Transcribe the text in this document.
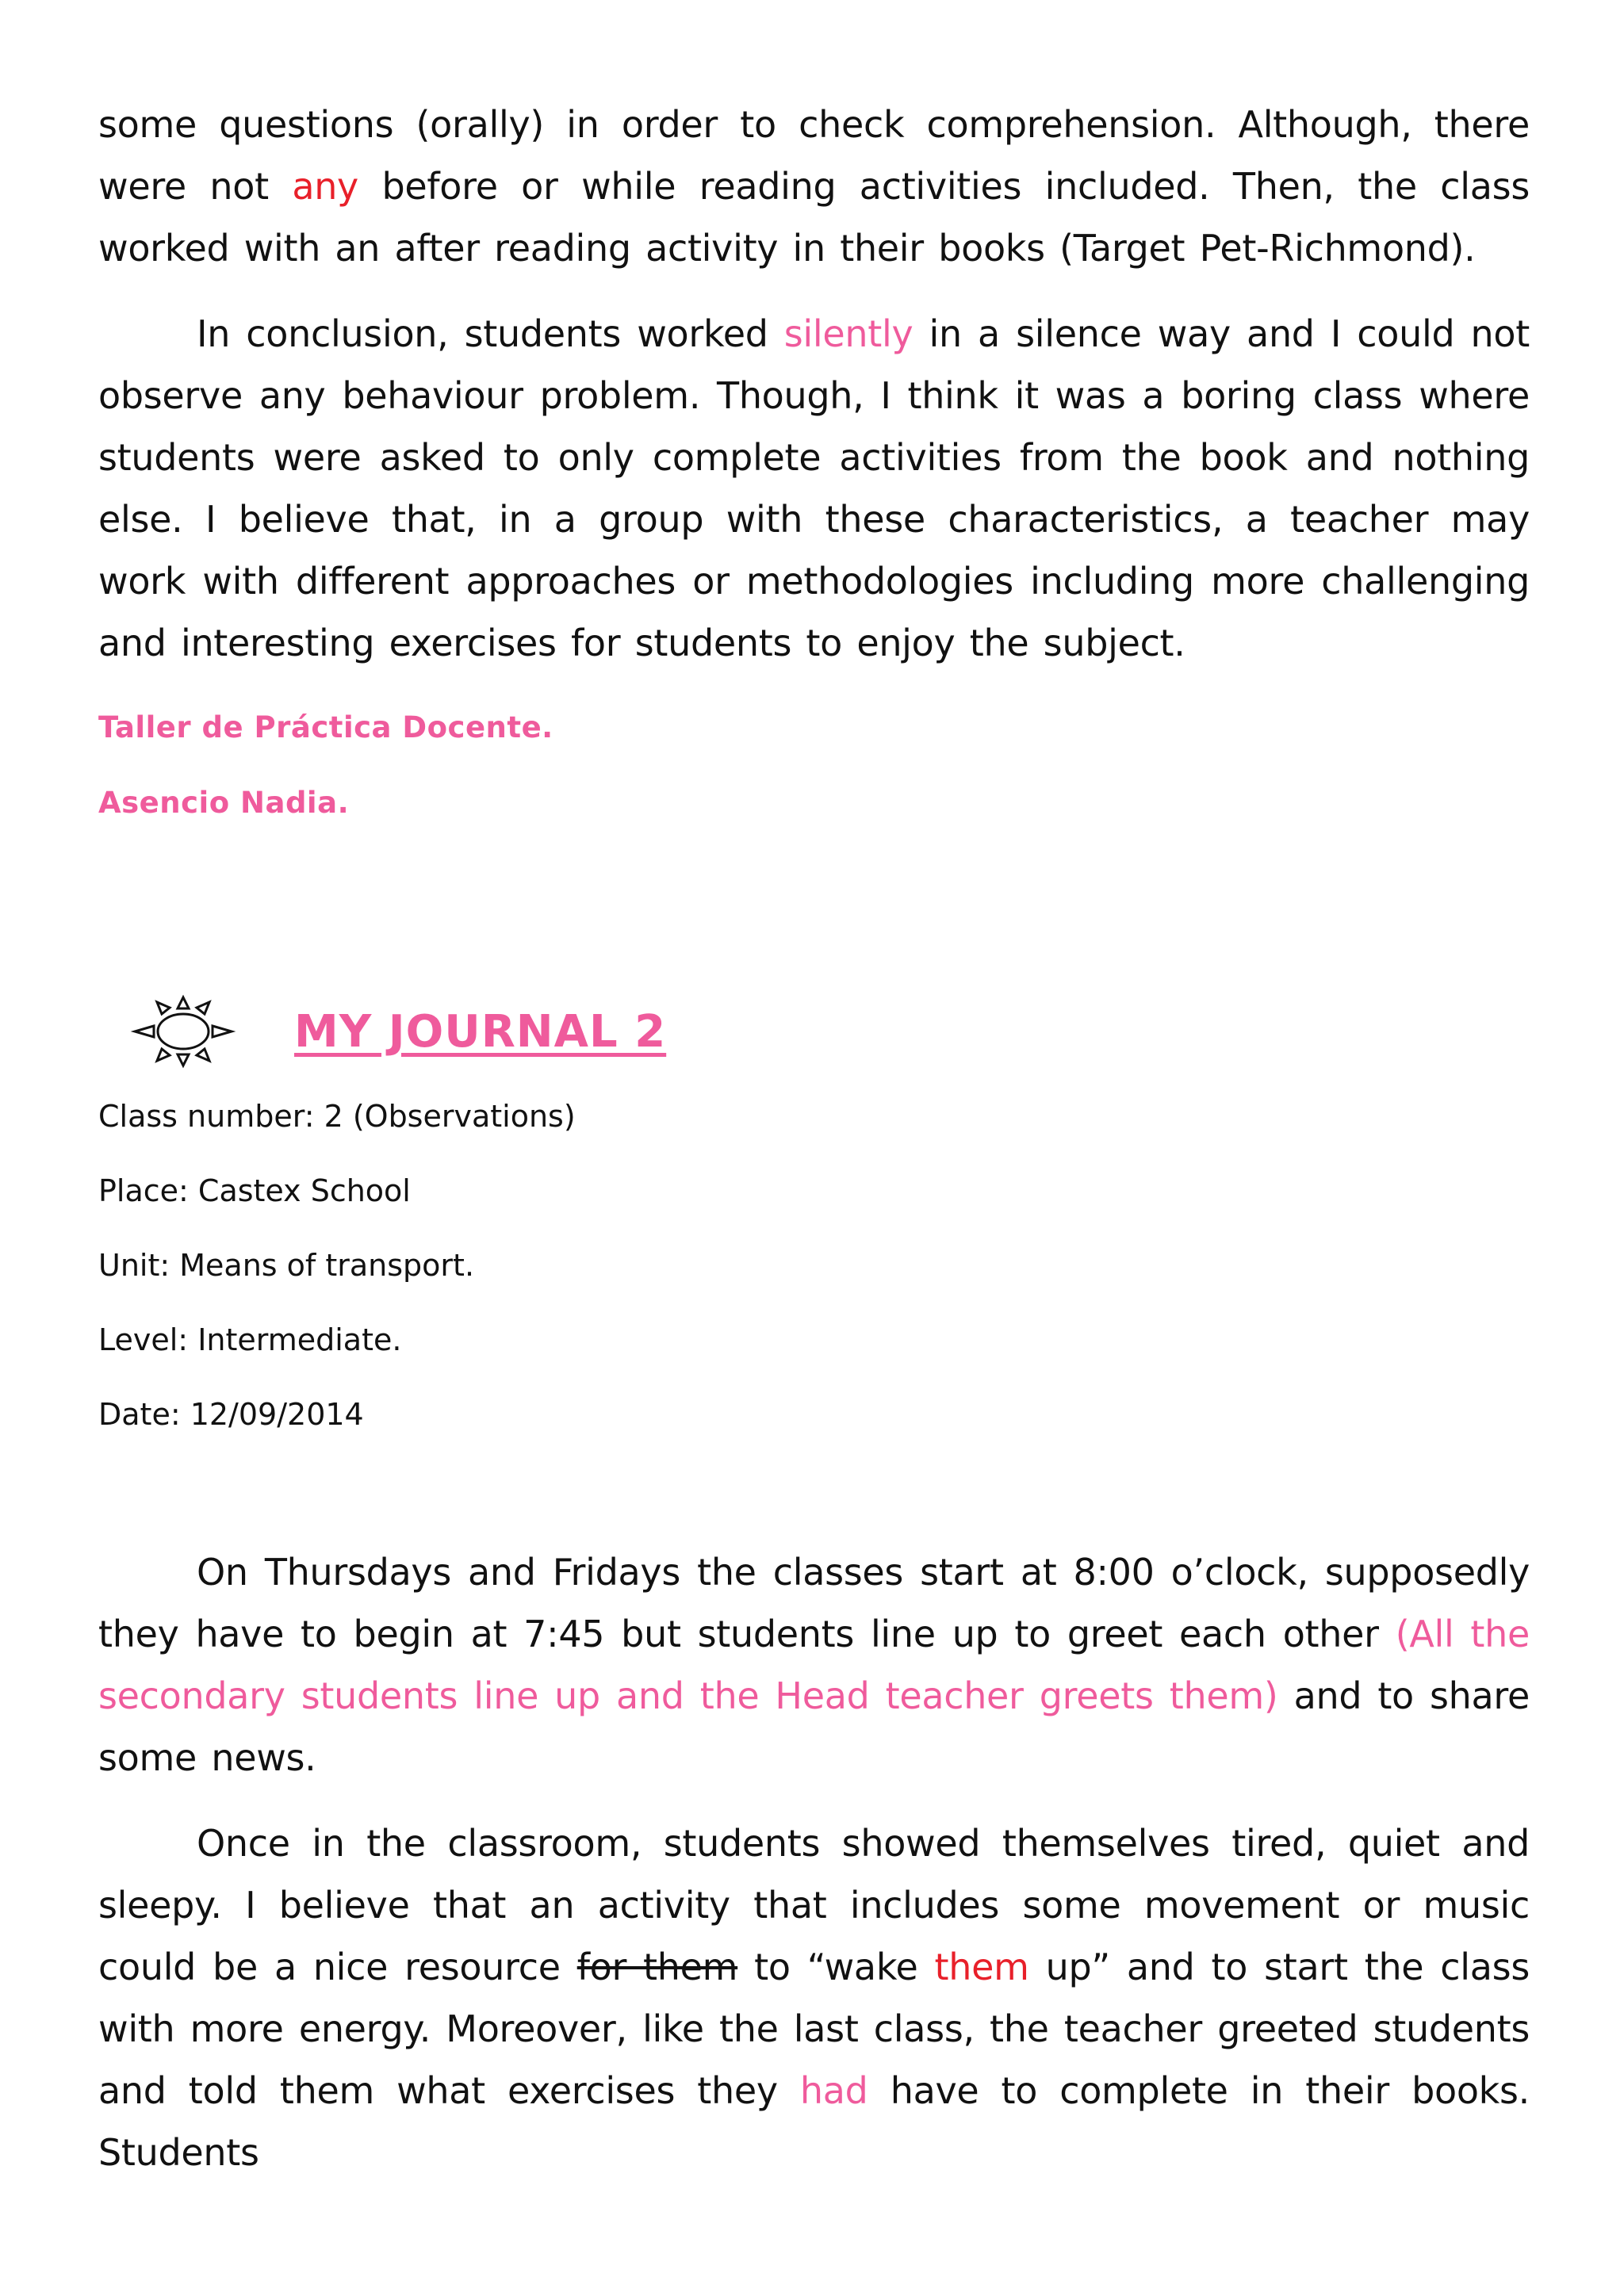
some questions (orally) in order to check comprehension. Although, there were not any before or while reading activities included. Then, the class worked with an after reading activity in their books (Target Pet-Richmond).

In conclusion, students worked silently in a silence way and I could not observe any behaviour problem. Though, I think it was a boring class where students were asked to only complete activities from the book and nothing else. I believe that, in a group with these characteristics, a teacher may work with different approaches or methodologies including more challenging and interesting exercises for students to enjoy the subject.

Taller de Práctica Docente.

Asencio Nadia.

MY JOURNAL 2

Class number: 2 (Observations)

Place: Castex School

Unit: Means of transport.

Level: Intermediate.

Date: 12/09/2014

On Thursdays and Fridays the classes start at 8:00 o’clock, supposedly they have to begin at 7:45 but students line up to greet each other (All the secondary students line up and the Head teacher greets them) and to share some news.

Once in the classroom, students showed themselves tired, quiet and sleepy. I believe that an activity that includes some movement or music could be a nice resource for them to “wake them up” and to start the class with more energy. Moreover, like the last class, the teacher greeted students and told them what exercises they had have to complete in their books. Students
